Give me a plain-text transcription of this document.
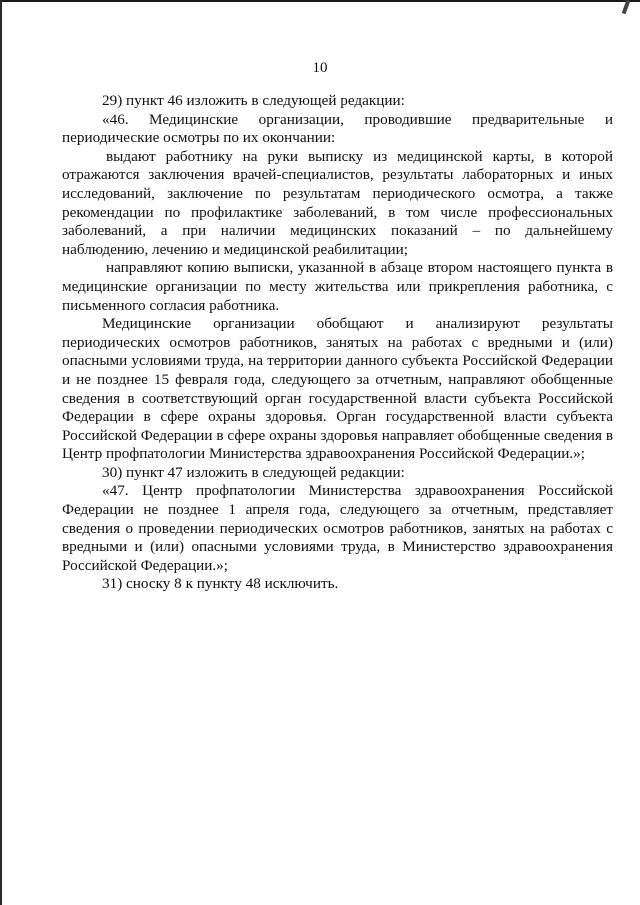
10

29) пункт 46 изложить в следующей редакции:

«46. Медицинские организации, проводившие предварительные и периодические осмотры по их окончании:

выдают работнику на руки выписку из медицинской карты, в которой отражаются заключения врачей-специалистов, результаты лабораторных и иных исследований, заключение по результатам периодического осмотра, а также рекомендации по профилактике заболеваний, в том числе профессиональных заболеваний, а при наличии медицинских показаний – по дальнейшему наблюдению, лечению и медицинской реабилитации;

направляют копию выписки, указанной в абзаце втором настоящего пункта в медицинские организации по месту жительства или прикрепления работника, с письменного согласия работника.

Медицинские организации обобщают и анализируют результаты периодических осмотров работников, занятых на работах с вредными и (или) опасными условиями труда, на территории данного субъекта Российской Федерации и не позднее 15 февраля года, следующего за отчетным, направляют обобщенные сведения в соответствующий орган государственной власти субъекта Российской Федерации в сфере охраны здоровья. Орган государственной власти субъекта Российской Федерации в сфере охраны здоровья направляет обобщенные сведения в Центр профпатологии Министерства здравоохранения Российской Федерации.»;

30) пункт 47 изложить в следующей редакции:

«47. Центр профпатологии Министерства здравоохранения Российской Федерации не позднее 1 апреля года, следующего за отчетным, представляет сведения о проведении периодических осмотров работников, занятых на работах с вредными и (или) опасными условиями труда, в Министерство здравоохранения Российской Федерации.»;

31) сноску 8 к пункту 48 исключить.
